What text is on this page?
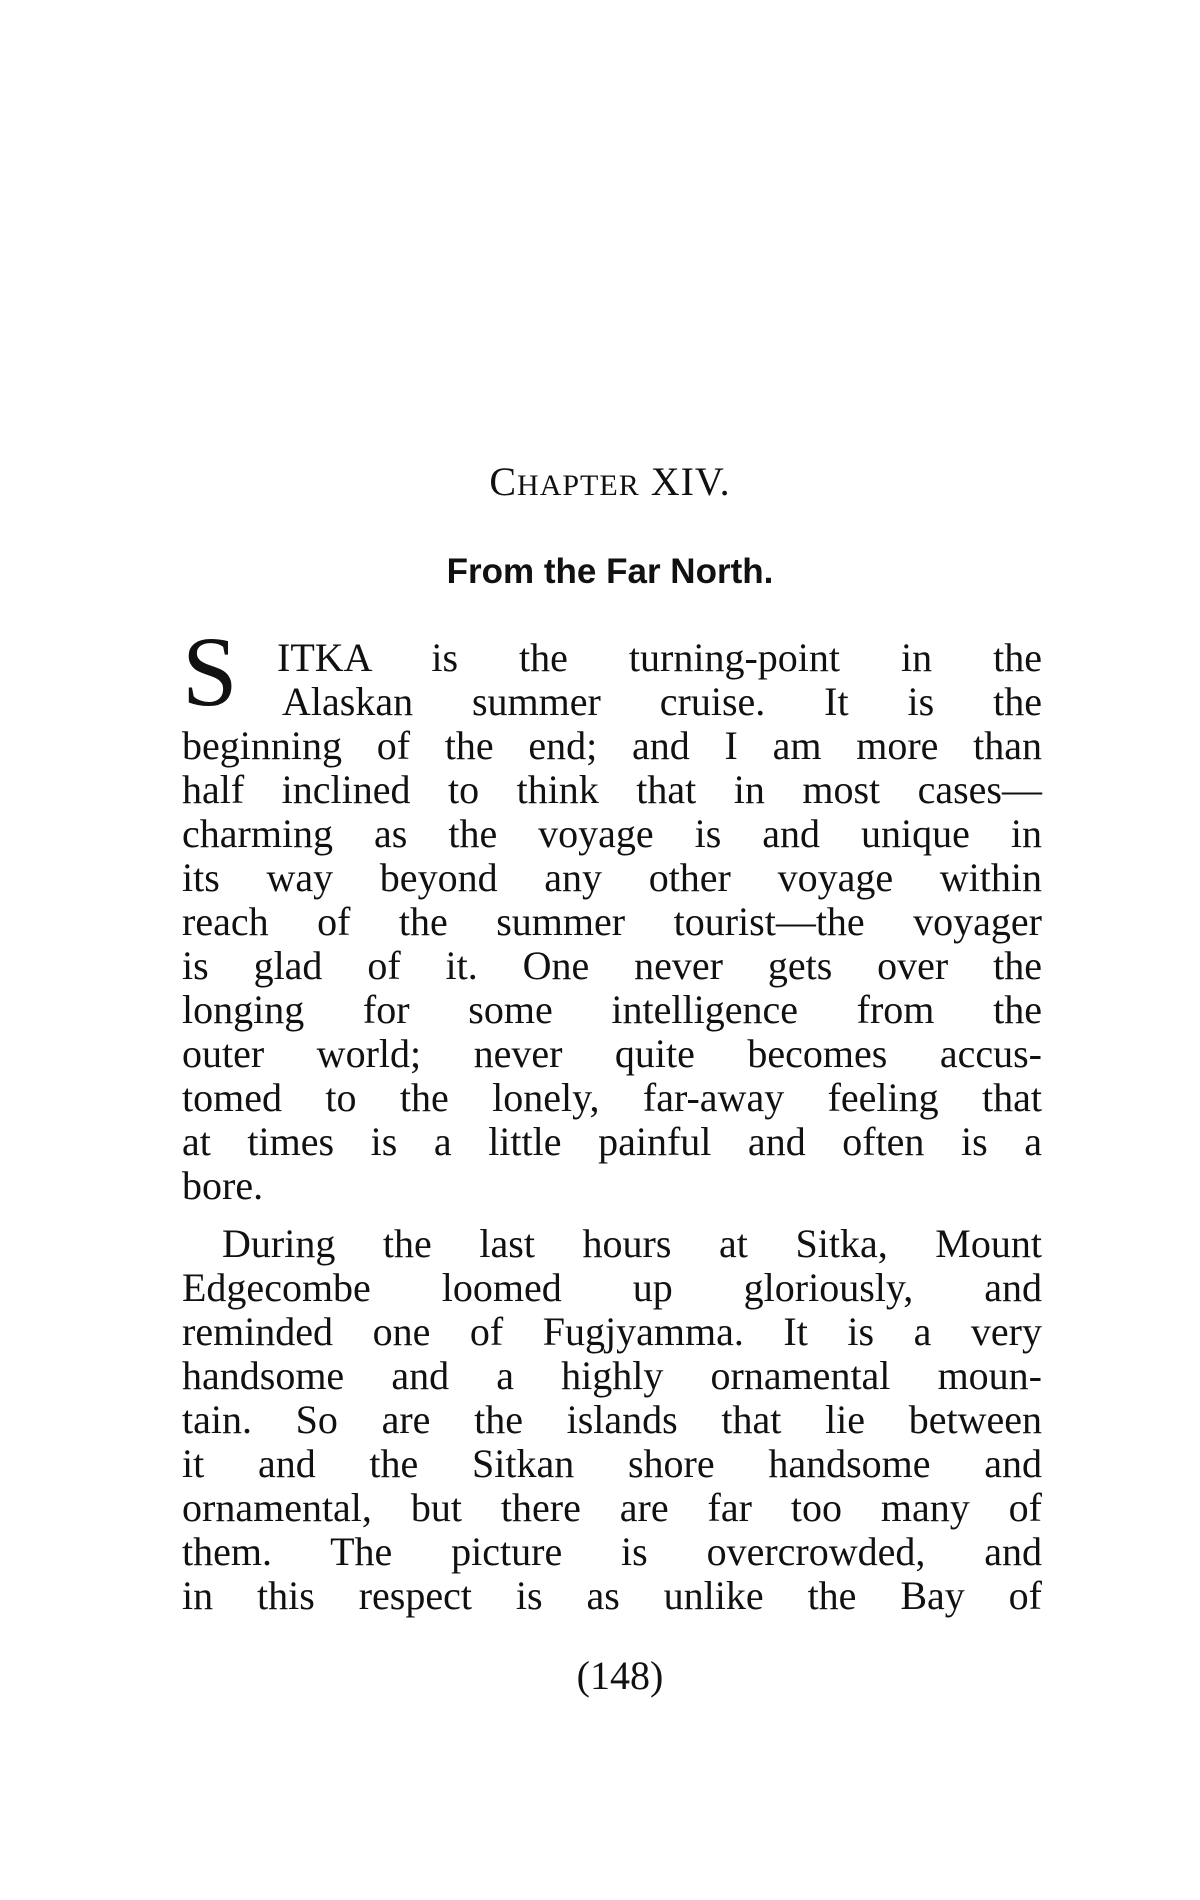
CHAPTER XIV.
From the Far North.
S ITKA is the turning-point in the
Alaskan summer cruise. It is the
beginning of the end; and I am more than
half inclined to think that in most cases—
charming as the voyage is and unique in
its way beyond any other voyage within
reach of the summer tourist—the voyager
is glad of it. One never gets over the
longing for some intelligence from the
outer world; never quite becomes accus-
tomed to the lonely, far-away feeling that
at times is a little painful and often is a
bore.
During the last hours at Sitka, Mount
Edgecombe loomed up gloriously, and
reminded one of Fugjyamma. It is a very
handsome and a highly ornamental moun-
tain. So are the islands that lie between
it and the Sitkan shore handsome and
ornamental, but there are far too many of
them. The picture is overcrowded, and
in this respect is as unlike the Bay of
(148)
